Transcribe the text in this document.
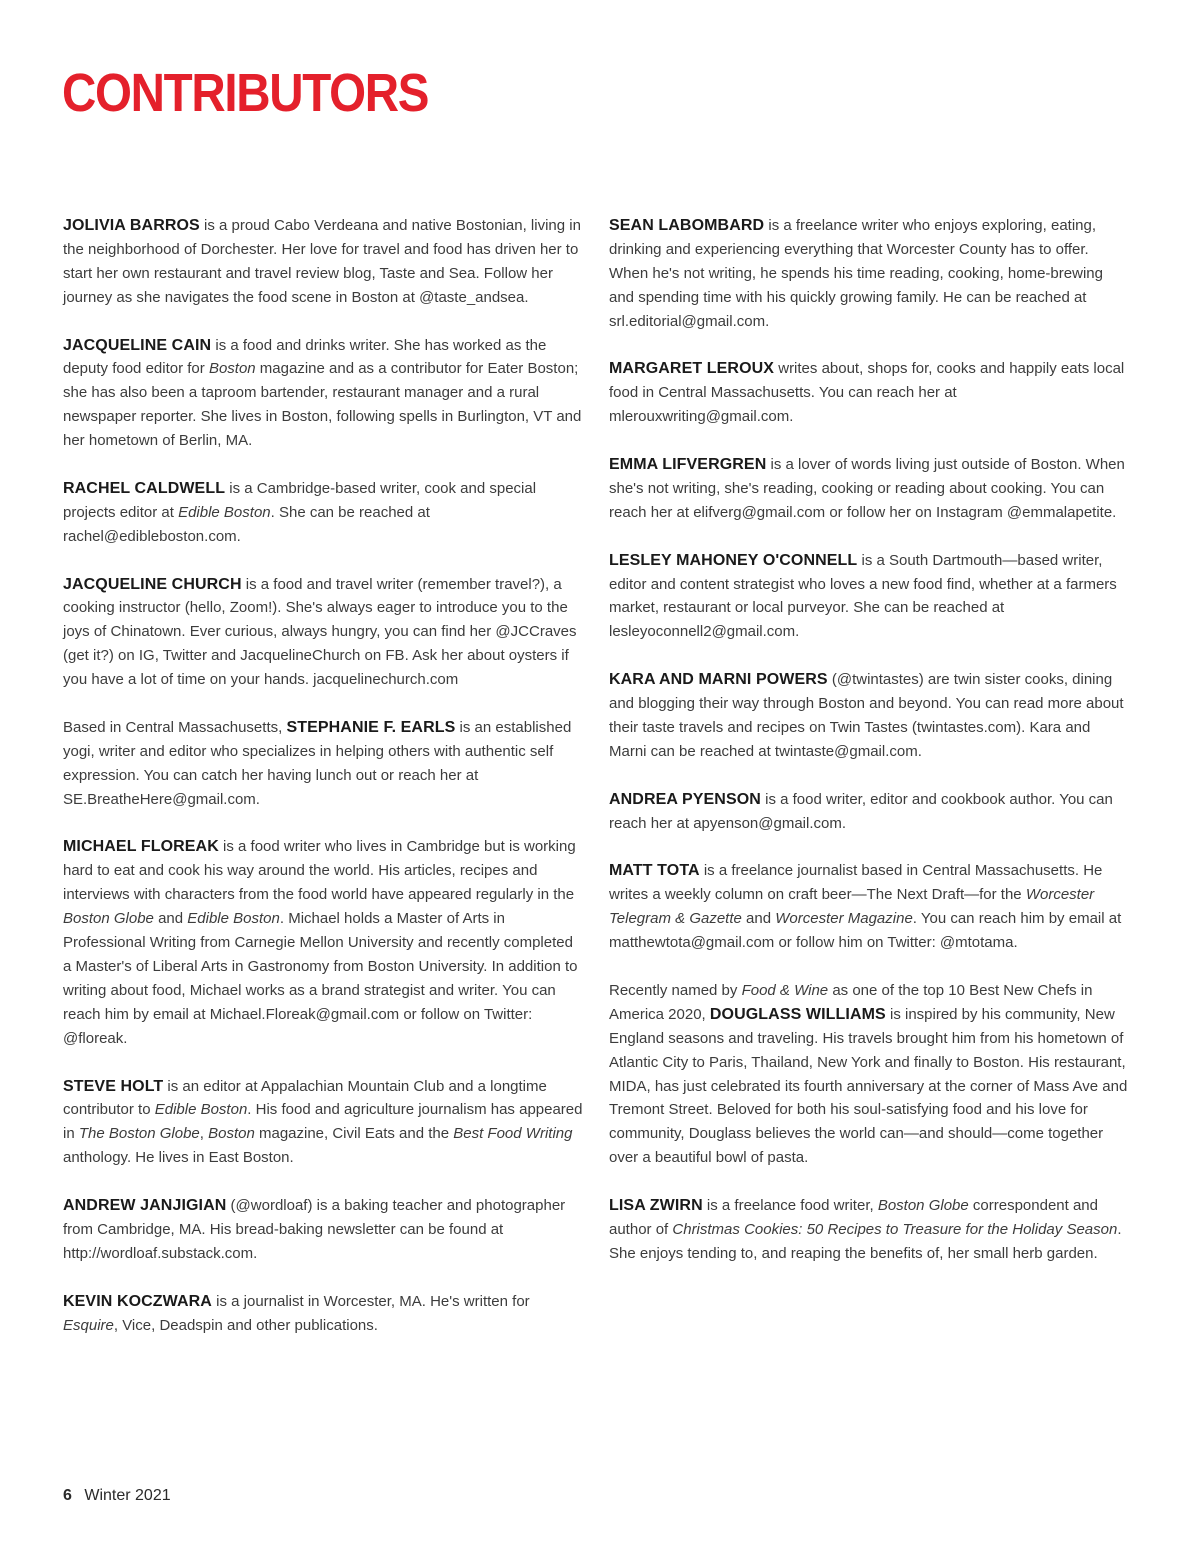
CONTRIBUTORS

JOLIVIA BARROS is a proud Cabo Verdeana and native Bostonian, living in the neighborhood of Dorchester. Her love for travel and food has driven her to start her own restaurant and travel review blog, Taste and Sea. Follow her journey as she navigates the food scene in Boston at @taste_andsea.

JACQUELINE CAIN is a food and drinks writer. She has worked as the deputy food editor for Boston magazine and as a contributor for Eater Boston; she has also been a taproom bartender, restaurant manager and a rural newspaper reporter. She lives in Boston, following spells in Burlington, VT and her hometown of Berlin, MA.

RACHEL CALDWELL is a Cambridge-based writer, cook and special projects editor at Edible Boston. She can be reached at rachel@edibleboston.com.

JACQUELINE CHURCH is a food and travel writer (remember travel?), a cooking instructor (hello, Zoom!). She's always eager to introduce you to the joys of Chinatown. Ever curious, always hungry, you can find her @JCCraves (get it?) on IG, Twitter and JacquelineChurch on FB. Ask her about oysters if you have a lot of time on your hands. jacquelinechurch.com

Based in Central Massachusetts, STEPHANIE F. EARLS is an established yogi, writer and editor who specializes in helping others with authentic self expression. You can catch her having lunch out or reach her at SE.BreatheHere@gmail.com.

MICHAEL FLOREAK is a food writer who lives in Cambridge but is working hard to eat and cook his way around the world. His articles, recipes and interviews with characters from the food world have appeared regularly in the Boston Globe and Edible Boston. Michael holds a Master of Arts in Professional Writing from Carnegie Mellon University and recently completed a Master's of Liberal Arts in Gastronomy from Boston University. In addition to writing about food, Michael works as a brand strategist and writer. You can reach him by email at Michael.Floreak@gmail.com or follow on Twitter: @floreak.

STEVE HOLT is an editor at Appalachian Mountain Club and a longtime contributor to Edible Boston. His food and agriculture journalism has appeared in The Boston Globe, Boston magazine, Civil Eats and the Best Food Writing anthology. He lives in East Boston.

ANDREW JANJIGIAN (@wordloaf) is a baking teacher and photographer from Cambridge, MA. His bread-baking newsletter can be found at http://wordloaf.substack.com.

KEVIN KOCZWARA is a journalist in Worcester, MA. He's written for Esquire, Vice, Deadspin and other publications.

SEAN LABOMBARD is a freelance writer who enjoys exploring, eating, drinking and experiencing everything that Worcester County has to offer. When he's not writing, he spends his time reading, cooking, home-brewing and spending time with his quickly growing family. He can be reached at srl.editorial@gmail.com.

MARGARET LEROUX writes about, shops for, cooks and happily eats local food in Central Massachusetts. You can reach her at mlerouxwriting@gmail.com.

EMMA LIFVERGREN is a lover of words living just outside of Boston. When she's not writing, she's reading, cooking or reading about cooking. You can reach her at elifverg@gmail.com or follow her on Instagram @emmalapetite.

LESLEY MAHONEY O'CONNELL is a South Dartmouth—based writer, editor and content strategist who loves a new food find, whether at a farmers market, restaurant or local purveyor. She can be reached at lesleyoconnell2@gmail.com.

KARA AND MARNI POWERS (@twintastes) are twin sister cooks, dining and blogging their way through Boston and beyond. You can read more about their taste travels and recipes on Twin Tastes (twintastes.com). Kara and Marni can be reached at twintaste@gmail.com.

ANDREA PYENSON is a food writer, editor and cookbook author. You can reach her at apyenson@gmail.com.

MATT TOTA is a freelance journalist based in Central Massachusetts. He writes a weekly column on craft beer—The Next Draft—for the Worcester Telegram & Gazette and Worcester Magazine. You can reach him by email at matthewtota@gmail.com or follow him on Twitter: @mtotama.

Recently named by Food & Wine as one of the top 10 Best New Chefs in America 2020, DOUGLASS WILLIAMS is inspired by his community, New England seasons and traveling. His travels brought him from his hometown of Atlantic City to Paris, Thailand, New York and finally to Boston. His restaurant, MIDA, has just celebrated its fourth anniversary at the corner of Mass Ave and Tremont Street. Beloved for both his soul-satisfying food and his love for community, Douglass believes the world can—and should—come together over a beautiful bowl of pasta.

LISA ZWIRN is a freelance food writer, Boston Globe correspondent and author of Christmas Cookies: 50 Recipes to Treasure for the Holiday Season. She enjoys tending to, and reaping the benefits of, her small herb garden.

6 Winter 2021
